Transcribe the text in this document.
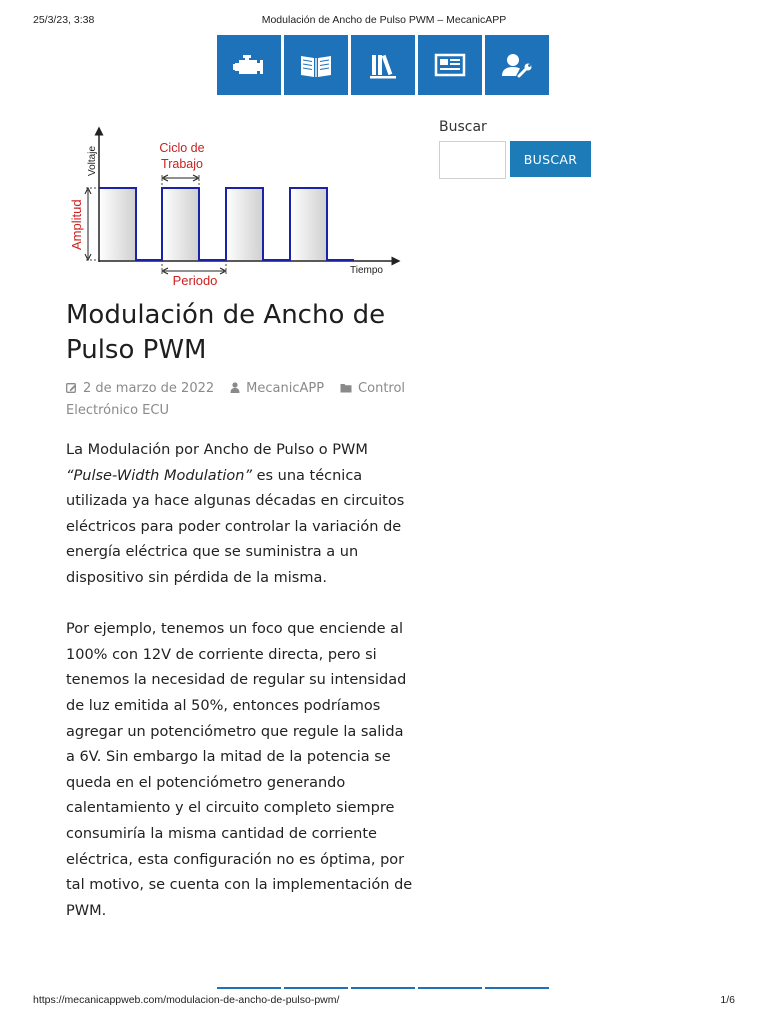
25/3/23, 3:38	Modulación de Ancho de Pulso PWM – MecanicAPP
Voltaje
Amplitud
Ciclo de
Trabajo
Periodo
Tiempo
Modulación de Ancho de Pulso PWM
2 de marzo de 2022 MecanicAPP	Control Electrónico ECU

La Modulación por Ancho de Pulso o PWM “Pulse-Width Modulation” es una técnica utilizada ya hace algunas décadas en circuitos eléctricos para poder controlar la variación de energía eléctrica que se suministra a un dispositivo sin pérdida de la misma.

Por ejemplo, tenemos un foco que enciende al 100% con 12V de corriente directa, pero si tenemos la necesidad de regular su intensidad de luz emitida al 50%, entonces podríamos agregar un potenciómetro que regule la salida a 6V. Sin embargo la mitad de la potencia se queda en el potenciómetro generando calentamiento y el circuito completo siempre consumiría la misma cantidad de corriente eléctrica, esta configuración no es óptima, por tal motivo, se cuenta con la implementación de PWM.

Buscar
BUSCAR
https://mecanicappweb.com/modulacion-de-ancho-de-pulso-pwm/	1/6
